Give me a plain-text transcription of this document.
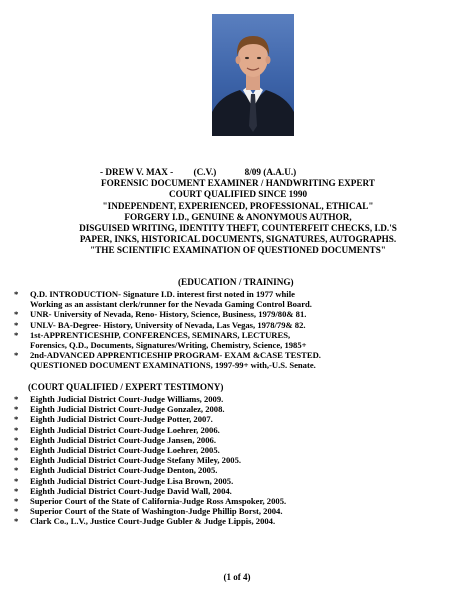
- DREW V. MAX - (C.V.)	8/09 (A.A.U.)
FORENSIC DOCUMENT EXAMINER / HANDWRITING EXPERT
COURT QUALIFIED SINCE 1990
"INDEPENDENT, EXPERIENCED, PROFESSIONAL, ETHICAL"
FORGERY I.D., GENUINE & ANONYMOUS AUTHOR,
DISGUISED WRITING, IDENTITY THEFT, COUNTERFEIT CHECKS, I.D.'S
PAPER, INKS, HISTORICAL DOCUMENTS, SIGNATURES, AUTOGRAPHS.
"THE SCIENTIFIC EXAMINATION OF QUESTIONED DOCUMENTS"
(EDUCATION / TRAINING)
*	Q.D. INTRODUCTION- Signature I.D. interest first noted in 1977 while
Working as an assistant clerk/runner for the Nevada Gaming Control Board.
*	UNR- University of Nevada, Reno- History, Science, Business, 1979/80& 81.
*	UNLV- BA-Degree- History, University of Nevada, Las Vegas, 1978/79& 82.
*	1st-APPRENTICESHIP, CONFERENCES, SEMINARS, LECTURES,
Forensics, Q.D., Documents, Signatures/Writing, Chemistry, Science, 1985+
*	2nd-ADVANCED APPRENTICESHIP PROGRAM- EXAM &CASE TESTED.
QUESTIONED DOCUMENT EXAMINATIONS, 1997-99+ with,-U.S. Senate.
(COURT QUALIFIED / EXPERT TESTIMONY)
*	Eighth Judicial District Court-Judge Williams, 2009.
*	Eighth Judicial District Court-Judge Gonzalez, 2008.
*	Eighth Judicial District Court-Judge Potter, 2007.
*	Eighth Judicial District Court-Judge Loehrer, 2006.
*	Eighth Judicial District Court-Judge Jansen, 2006.
*	Eighth Judicial District Court-Judge Loehrer, 2005.
*	Eighth Judicial District Court-Judge Stefany Miley, 2005.
*	Eighth Judicial District Court-Judge Denton, 2005.
*	Eighth Judicial District Court-Judge Lisa Brown, 2005.
*	Eighth Judicial District Court-Judge David Wall, 2004.
*	Superior Court of the State of California-Judge Ross Amspoker, 2005.
*	Superior Court of the State of Washington-Judge Phillip Borst, 2004.
*	Clark Co., L.V., Justice Court-Judge Gubler & Judge Lippis, 2004.
(1 of 4)
